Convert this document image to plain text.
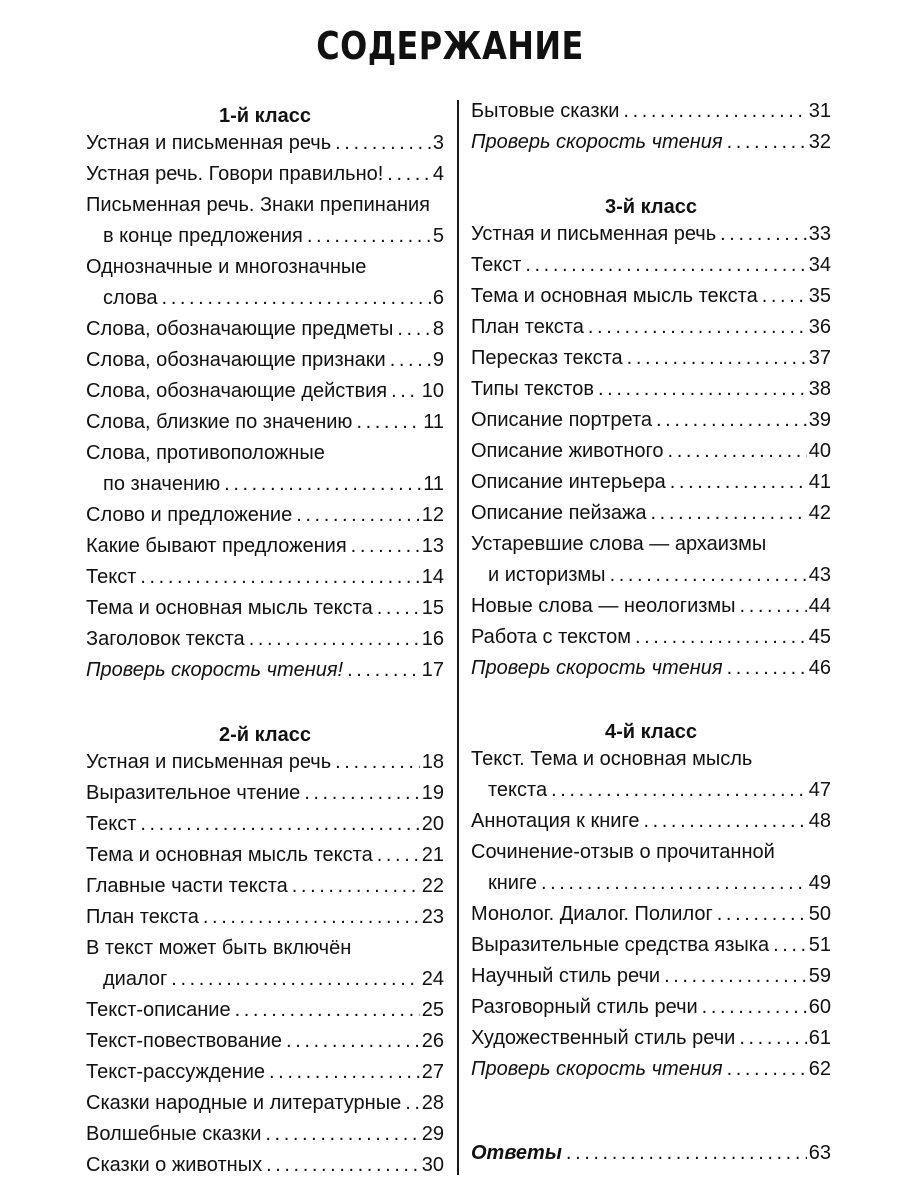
СОДЕРЖАНИЕ
1-й класс
Устная и письменная речь .....	3
Устная речь. Говори правильно! ..... 4
Письменная речь. Знаки препинания
в конце предложения .....	5
Однозначные и многозначные
слова .....	6
Слова, обозначающие предметы ..... 8
Слова, обозначающие признаки ..... 9
Слова, обозначающие действия ..... 10
Слова, близкие по значению .....	11
Слова, противоположные
по значению .....	11
Слово и предложение .....	12
Какие бывают предложения .....	13
Текст .....	14
Тема и основная мысль текста ..... 15
Заголовок текста .....	16
Проверь скорость чтения! .....	17
2-й класс
Устная и письменная речь .....	18
Выразительное чтение .....	19
Текст .....	20
Тема и основная мысль текста ..... 21
Главные части текста .....	22
План текста .....	23
В текст может быть включён
диалог .....	24
Текст-описание .....	25
Текст-повествование .....	26
Текст-рассуждение .....	27
Сказки народные и литературные ..... 28
Волшебные сказки .....	29
Сказки о животных .....	30
Бытовые сказки .....	31
Проверь скорость чтения .....	32
3-й класс
Устная и письменная речь .....	33
Текст .....	34
Тема и основная мысль текста .....	35
План текста .....	36
Пересказ текста .....	37
Типы текстов .....	38
Описание портрета .....	39
Описание животного .....	40
Описание интерьера .....	41
Описание пейзажа .....	42
Устаревшие слова — архаизмы
и историзмы .....	43
Новые слова — неологизмы .....	44
Работа с текстом .....	45
Проверь скорость чтения .....	46
4-й класс
Текст. Тема и основная мысль
текста .....	47
Аннотация к книге .....	48
Сочинение-отзыв о прочитанной
книге .....	49
Монолог. Диалог. Полилог .....	50
Выразительные средства языка ..... 51
Научный стиль речи .....	59
Разговорный стиль речи .....	60
Художественный стиль речи .....	61
Проверь скорость чтения .....	62
Ответы .....	63
